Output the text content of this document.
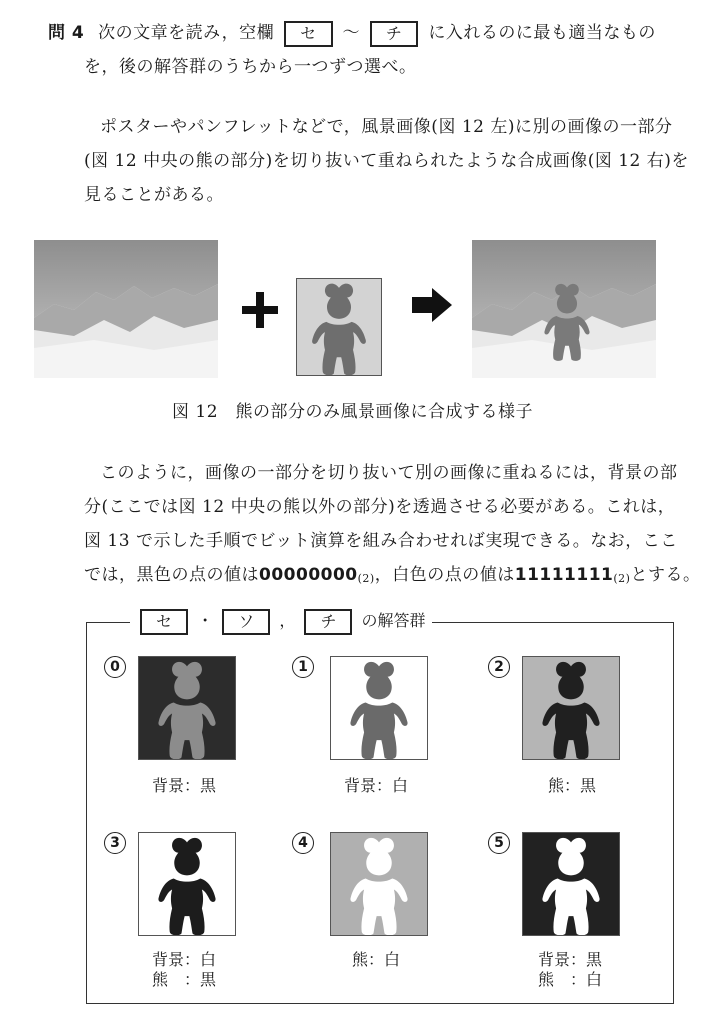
問 4 次の文章を読み，空欄 セ ～ チ に入れるのに最も適当なもの
を，後の解答群のうちから一つずつ選べ。
ポスターやパンフレットなどで，風景画像(図 12 左)に別の画像の一部分
(図 12 中央の熊の部分)を切り抜いて重ねられたような合成画像(図 12 右)を
見ることがある。
図 12　熊の部分のみ風景画像に合成する様子
このように，画像の一部分を切り抜いて別の画像に重ねるには，背景の部
分(ここでは図 12 中央の熊以外の部分)を透過させる必要がある。これは，
図 13 で示した手順でビット演算を組み合わせれば実現できる。なお，ここ
では，黒色の点の値は00000000(2)，白色の点の値は11111111(2)とする。
セ ・ ソ ， チ の解答群
0
背景：黒
1
背景：白
2
熊：黒
3
背景：白
熊　：黒
4
熊：白
5
背景：黒
熊　：白
